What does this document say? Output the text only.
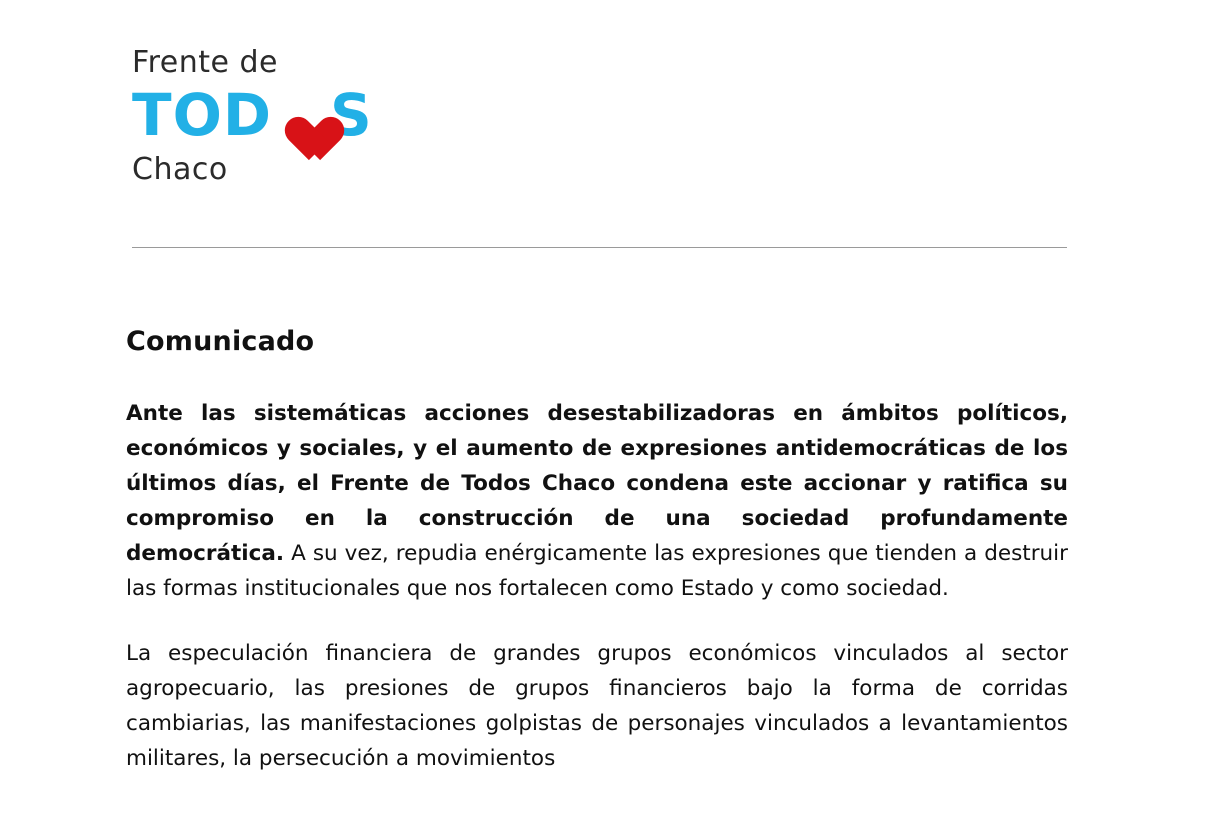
Frente de
TOD S
Chaco
Comunicado

Ante las sistemáticas acciones desestabilizadoras en ámbitos políticos, económicos y sociales, y el aumento de expresiones antidemocráticas de los últimos días, el Frente de Todos Chaco condena este accionar y ratifica su compromiso en la construcción de una sociedad profundamente democrática. A su vez, repudia enérgicamente las expresiones que tienden a destruir las formas institucionales que nos fortalecen como Estado y como sociedad.

La especulación financiera de grandes grupos económicos vinculados al sector agropecuario, las presiones de grupos financieros bajo la forma de corridas cambiarias, las manifestaciones golpistas de personajes vinculados a levantamientos militares, la persecución a movimientos
